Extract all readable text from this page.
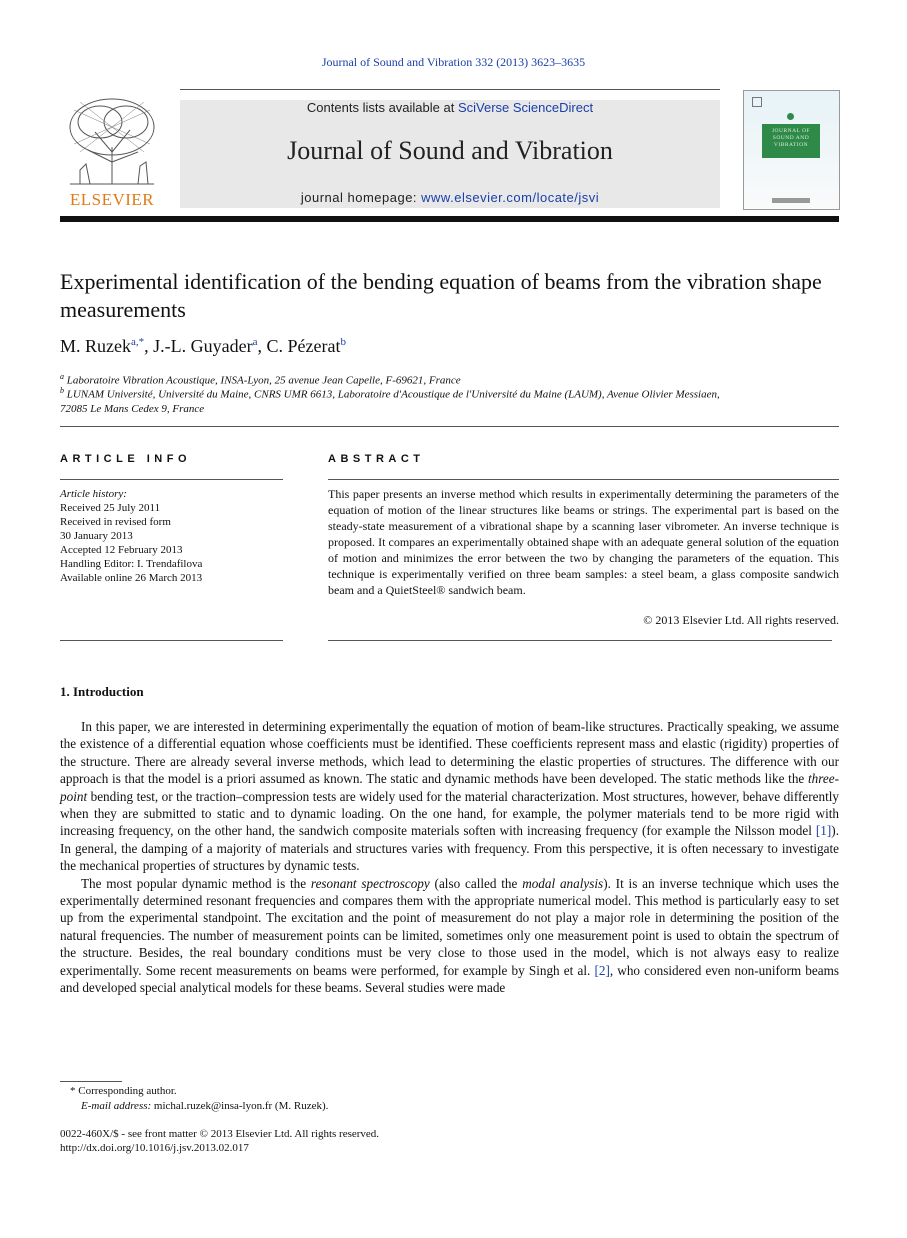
Journal of Sound and Vibration 332 (2013) 3623–3635
ELSEVIER
Contents lists available at SciVerse ScienceDirect
Journal of Sound and Vibration
journal homepage: www.elsevier.com/locate/jsvi
JOURNAL OF SOUND AND VIBRATION
Experimental identification of the bending equation of beams from the vibration shape measurements
M. Ruzek$^{a,*}$, J.-L. Guyader$^a$, C. Pézerat$^b$
$^a$ Laboratoire Vibration Acoustique, INSA-Lyon, 25 avenue Jean Capelle, F-69621, France
$^b$ LUNAM Université, Université du Maine, CNRS UMR 6613, Laboratoire d'Acoustique de l'Université du Maine (LAUM), Avenue Olivier Messiaen, 72085 Le Mans Cedex 9, France
ARTICLE INFO
Article history:
Received 25 July 2011
Received in revised form
30 January 2013
Accepted 12 February 2013
Handling Editor: I. Trendafilova
Available online 26 March 2013
ABSTRACT
This paper presents an inverse method which results in experimentally determining the parameters of the equation of motion of the linear structures like beams or strings. The experimental part is based on the steady-state measurement of a vibrational shape by a scanning laser vibrometer. An inverse technique is proposed. It compares an experimentally obtained shape with an adequate general solution of the equation of motion and minimizes the error between the two by changing the parameters of the equation. This technique is experimentally verified on three beam samples: a steel beam, a glass composite sandwich beam and a QuietSteel® sandwich beam.
© 2013 Elsevier Ltd. All rights reserved.
1. Introduction

In this paper, we are interested in determining experimentally the equation of motion of beam-like structures. Practically speaking, we assume the existence of a differential equation whose coefficients must be identified. These coefficients represent mass and elastic (rigidity) properties of the structure. There are already several inverse methods, which lead to determining the elastic properties of structures. The difference with our approach is that the model is a priori assumed as known. The static and dynamic methods have been developed. The static methods like the three-point bending test, or the traction–compression tests are widely used for the material characterization. Most structures, however, behave differently when they are submitted to static and to dynamic loading. On the one hand, for example, the polymer materials tend to be more rigid with increasing frequency, on the other hand, the sandwich composite materials soften with increasing frequency (for example the Nilsson model [1]). In general, the damping of a majority of materials and structures varies with frequency. From this perspective, it is often necessary to investigate the mechanical properties of structures by dynamic tests.

The most popular dynamic method is the resonant spectroscopy (also called the modal analysis). It is an inverse technique which uses the experimentally determined resonant frequencies and compares them with the appropriate numerical model. This method is particularly easy to set up from the experimental standpoint. The excitation and the point of measurement do not play a major role in determining the position of the natural frequencies. The number of measurement points can be limited, sometimes only one measurement point is used to obtain the spectrum of the structure. Besides, the real boundary conditions must be very close to those used in the model, which is not always easy to realize experimentally. Some recent measurements on beams were performed, for example by Singh et al. [2], who considered even non-uniform beams and developed special analytical models for these beams. Several studies were made

* Corresponding author.
E-mail address: michal.ruzek@insa-lyon.fr (M. Ruzek).
0022-460X/$ - see front matter © 2013 Elsevier Ltd. All rights reserved.
http://dx.doi.org/10.1016/j.jsv.2013.02.017
